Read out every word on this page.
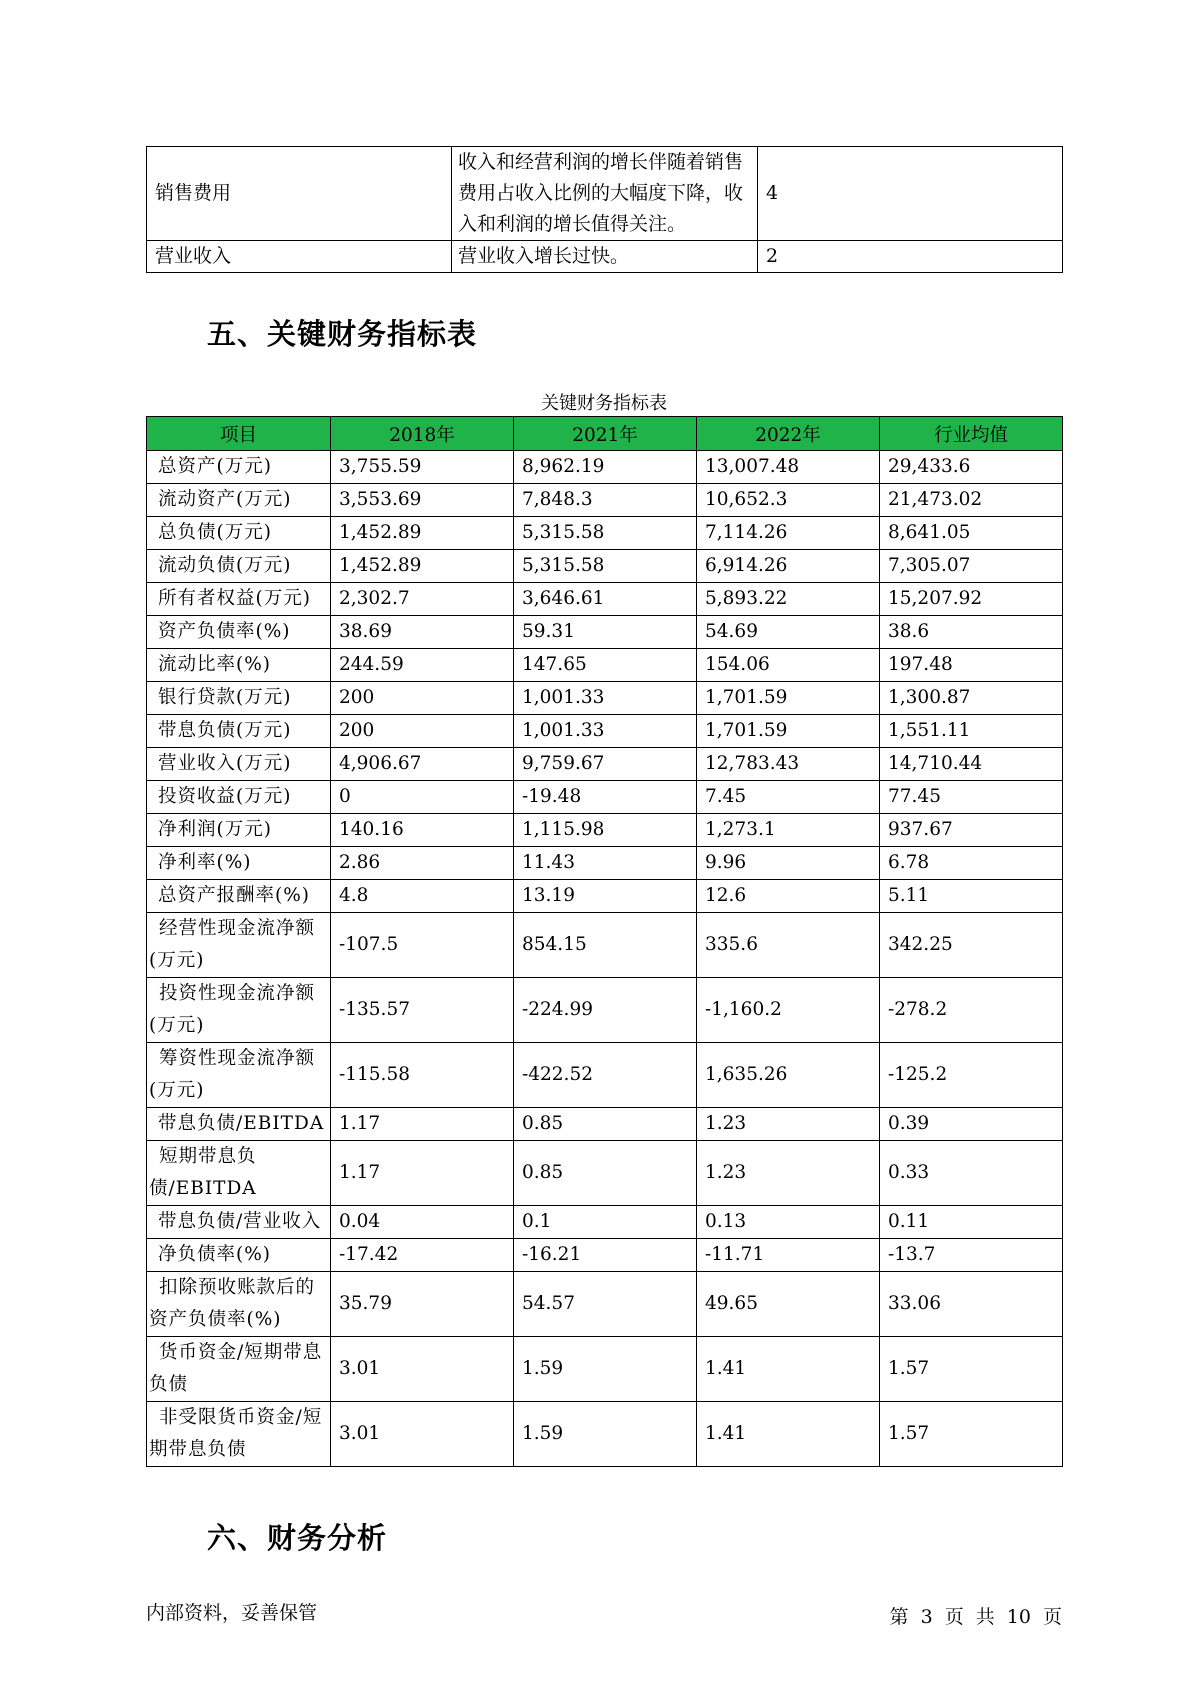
销售费用	收入和经营利润的增长伴随着销售费用占收入比例的大幅度下降，收入和利润的增长值得关注。	4
营业收入	营业收入增长过快。	2
五、关键财务指标表
关键财务指标表
项目	2018年	2021年	2022年	行业均值
总资产(万元)	3,755.59	8,962.19	13,007.48	29,433.6
流动资产(万元)	3,553.69	7,848.3	10,652.3	21,473.02
总负债(万元)	1,452.89	5,315.58	7,114.26	8,641.05
流动负债(万元)	1,452.89	5,315.58	6,914.26	7,305.07
所有者权益(万元)	2,302.7	3,646.61	5,893.22	15,207.92
资产负债率(%)	38.69	59.31	54.69	38.6
流动比率(%)	244.59	147.65	154.06	197.48
银行贷款(万元)	200	1,001.33	1,701.59	1,300.87
带息负债(万元)	200	1,001.33	1,701.59	1,551.11
营业收入(万元)	4,906.67	9,759.67	12,783.43	14,710.44
投资收益(万元)	0	-19.48	7.45	77.45
净利润(万元)	140.16	1,115.98	1,273.1	937.67
净利率(%)	2.86	11.43	9.96	6.78
总资产报酬率(%)	4.8	13.19	12.6	5.11
经营性现金流净额(万元)	-107.5	854.15	335.6	342.25
投资性现金流净额(万元)	-135.57	-224.99	-1,160.2	-278.2
筹资性现金流净额(万元)	-115.58	-422.52	1,635.26	-125.2
带息负债/EBITDA	1.17	0.85	1.23	0.39
短期带息负债/EBITDA	1.17	0.85	1.23	0.33
带息负债/营业收入	0.04	0.1	0.13	0.11
净负债率(%)	-17.42	-16.21	-11.71	-13.7
扣除预收账款后的资产负债率(%)	35.79	54.57	49.65	33.06
货币资金/短期带息负债	3.01	1.59	1.41	1.57
非受限货币资金/短期带息负债	3.01	1.59	1.41	1.57
六、财务分析
内部资料，妥善保管	第 3 页 共 10 页
